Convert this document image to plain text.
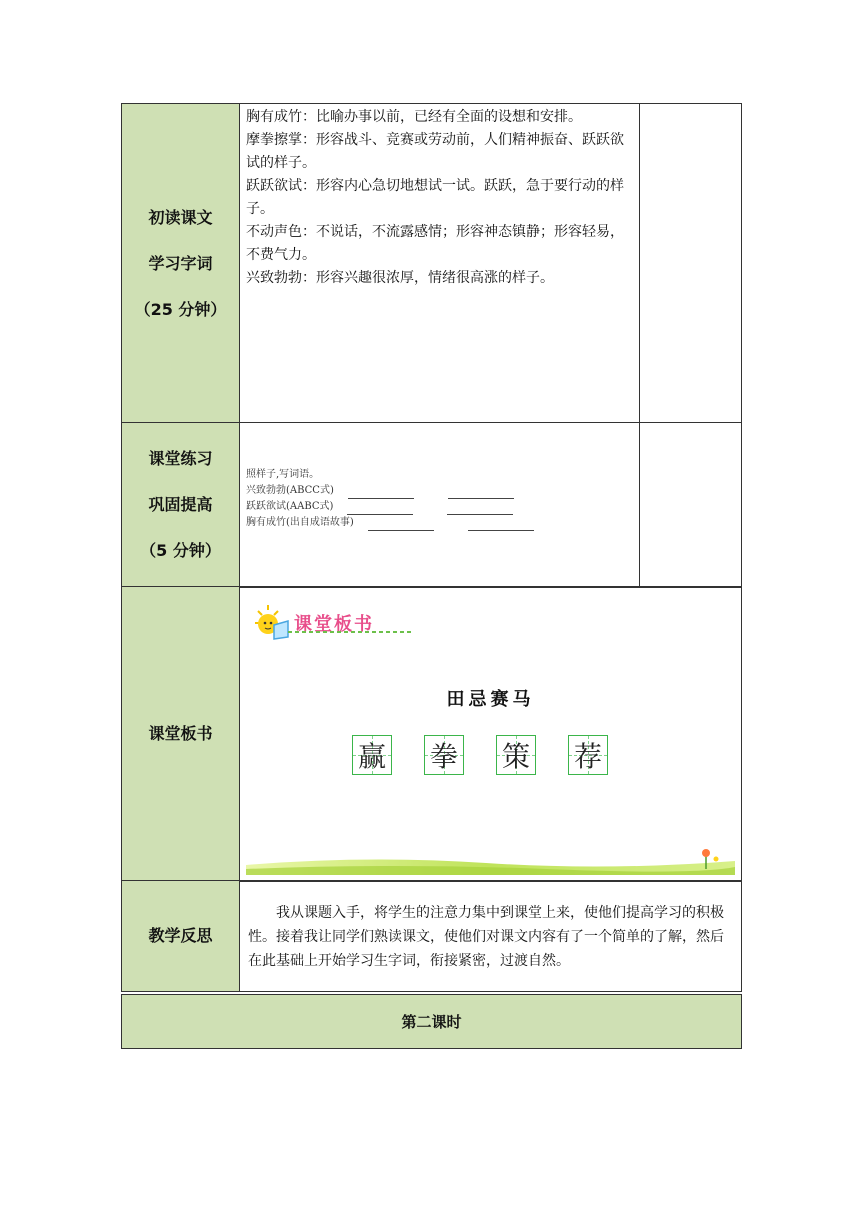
初读课文
学习字词
（25 分钟）

胸有成竹：比喻办事以前，已经有全面的设想和安排。

摩拳擦掌：形容战斗、竞赛或劳动前，人们精神振奋、跃跃欲试的样子。

跃跃欲试：形容内心急切地想试一试。跃跃，急于要行动的样子。

不动声色：不说话，不流露感情；形容神态镇静；形容轻易，不费气力。

兴致勃勃：形容兴趣很浓厚，情绪很高涨的样子。

课堂练习
巩固提高
（5 分钟）
照样子,写词语。
兴致勃勃(ABCC式)
跃跃欲试(AABC式)
胸有成竹(出自成语故事)
课堂板书
课堂板书
田忌赛马
赢 拳 策 荐
教学反思
我从课题入手，将学生的注意力集中到课堂上来，使他们提高学习的积极性。接着我让同学们熟读课文，使他们对课文内容有了一个简单的了解，然后在此基础上开始学习生字词，衔接紧密，过渡自然。
第二课时
